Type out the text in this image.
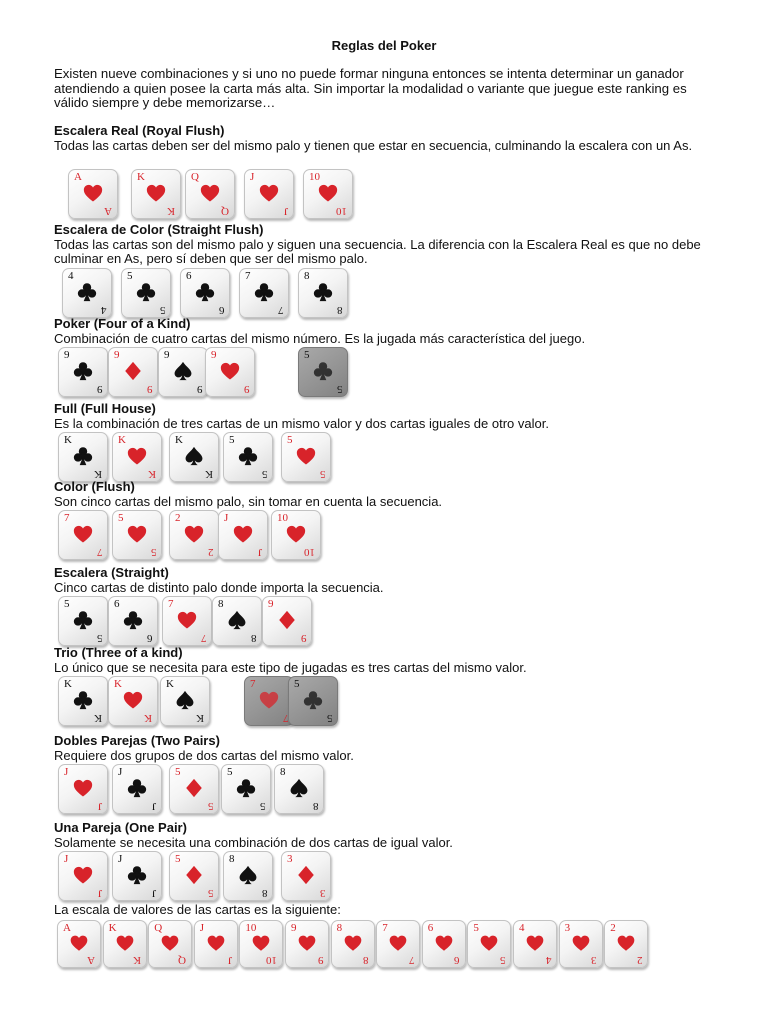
Reglas del Poker

Existen nueve combinaciones y si uno no puede formar ninguna entonces se intenta determinar un ganador atendiendo a quien posee la carta más alta. Sin importar la modalidad o variante que juegue este ranking es válido siempre y debe memorizarse…

Escalera Real (Royal Flush)
Todas las cartas deben ser del mismo palo y tienen que estar en secuencia, culminando la escalera con un As.
A
A
K
K
Q
Q
J
J
10
10
Escalera de Color (Straight Flush)
Todas las cartas son del mismo palo y siguen una secuencia. La diferencia con la Escalera Real es que no debe culminar en As, pero sí deben que ser del mismo palo.
4
4
5
5
6
6
7
7
8
8
Poker (Four of a Kind)
Combinación de cuatro cartas del mismo número. Es la jugada más característica del juego.
9
9
9
9
9
9
9
9
5
5
Full (Full House)
Es la combinación de tres cartas de un mismo valor y dos cartas iguales de otro valor.
K
K
K
K
K
K
5
5
5
5
Color (Flush)
Son cinco cartas del mismo palo, sin tomar en cuenta la secuencia.
7
7
5
5
2
2
J
J
10
10
Escalera (Straight)
Cinco cartas de distinto palo donde importa la secuencia.
5
5
6
6
7
7
8
8
9
9
Trio (Three of a kind)
Lo único que se necesita para este tipo de jugadas es tres cartas del mismo valor.
K
K
K
K
K
K
7
7
5
5
Dobles Parejas (Two Pairs)
Requiere dos grupos de dos cartas del mismo valor.
J
J
J
J
5
5
5
5
8
8
Una Pareja (One Pair)
Solamente se necesita una combinación de dos cartas de igual valor.
J
J
J
J
5
5
8
8
3
3
La escala de valores de las cartas es la siguiente:
A
A
K
K
Q
Q
J
J
10
10
9
9
8
8
7
7
6
6
5
5
4
4
3
3
2
2
